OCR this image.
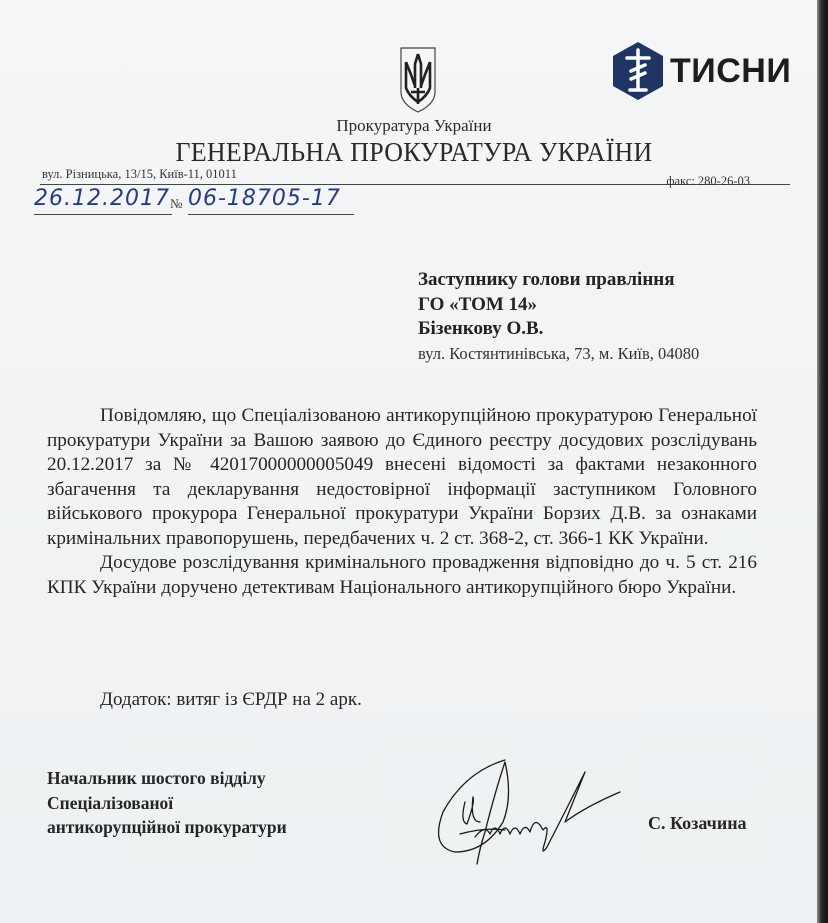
ТИСНИ
Прокуратура України
ГЕНЕРАЛЬНА ПРОКУРАТУРА УКРАЇНИ
вул. Різницька, 13/15, Київ-11, 01011	факс: 280-26-03
26.12.2017 № 06-18705-17
Заступнику голови правління
ГО «ТОМ 14»
Бізенкову О.В.
вул. Костянтинівська, 73, м. Київ, 04080

Повідомляю, що Спеціалізованою антикорупційною прокуратурою Генеральної прокуратури України за Вашою заявою до Єдиного реєстру досудових розслідувань 20.12.2017 за № 42017000000005049 внесені відомості за фактами незаконного збагачення та декларування недостовірної інформації заступником Головного військового прокурора Генеральної прокуратури України Борзих Д.В. за ознаками кримінальних правопорушень, передбачених ч. 2 ст. 368-2, ст. 366-1 КК України.

Досудове розслідування кримінального провадження відповідно до ч. 5 ст. 216 КПК України доручено детективам Національного антикорупційного бюро України.

Додаток: витяг із ЄРДР на 2 арк.
Начальник шостого відділу
Спеціалізованої
антикорупційної прокуратури	С. Козачина
